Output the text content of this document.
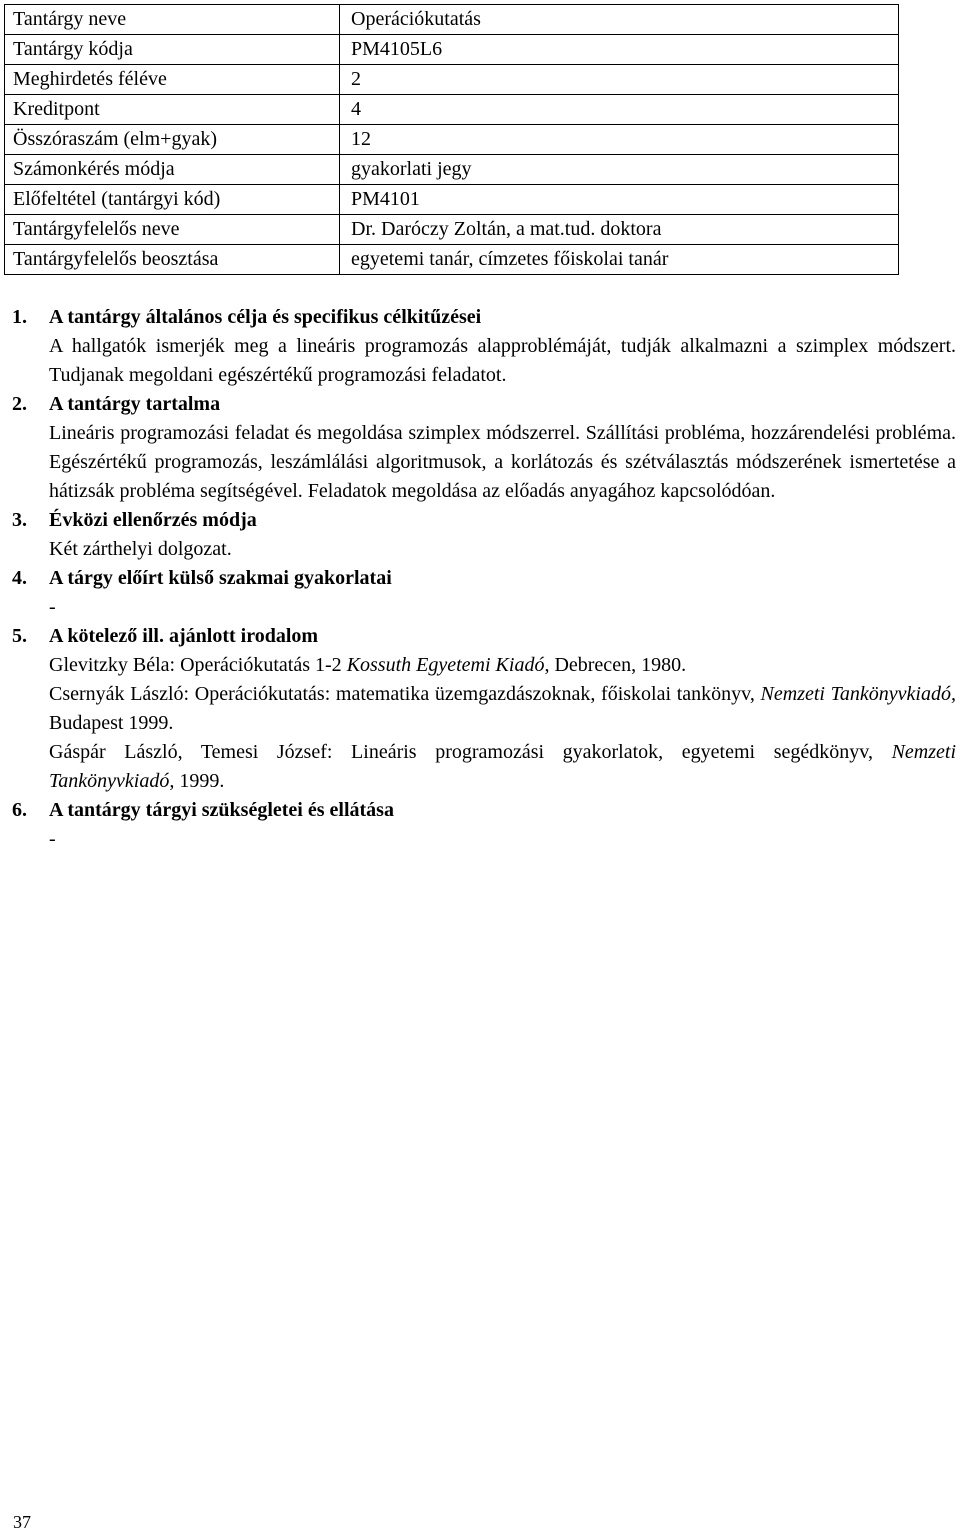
Tantárgy neve	Operációkutatás
Tantárgy kódja	PM4105L6
Meghirdetés féléve	2
Kreditpont	4
Összóraszám (elm+gyak)	12
Számonkérés módja	gyakorlati jegy
Előfeltétel (tantárgyi kód)	PM4101
Tantárgyfelelős neve	Dr. Daróczy Zoltán, a mat.tud. doktora
Tantárgyfelelős beosztása	egyetemi tanár, címzetes főiskolai tanár
1. A tantárgy általános célja és specifikus célkitűzései

A hallgatók ismerjék meg a lineáris programozás alapproblémáját, tudják alkalmazni a szimplex módszert. Tudjanak megoldani egészértékű programozási feladatot.

2. A tantárgy tartalma

Lineáris programozási feladat és megoldása szimplex módszerrel. Szállítási probléma, hozzárendelési probléma. Egészértékű programozás, leszámlálási algoritmusok, a korlátozás és szétválasztás módszerének ismertetése a hátizsák probléma segítségével. Feladatok megoldása az előadás anyagához kapcsolódóan.

3. Évközi ellenőrzés módja

Két zárthelyi dolgozat.

4. A tárgy előírt külső szakmai gyakorlatai

-

5. A kötelező ill. ajánlott irodalom

Glevitzky Béla: Operációkutatás 1-2 Kossuth Egyetemi Kiadó, Debrecen, 1980.

Csernyák László: Operációkutatás: matematika üzemgazdászoknak, főiskolai tankönyv, Nemzeti Tankönyvkiadó, Budapest 1999.

Gáspár László, Temesi József: Lineáris programozási gyakorlatok, egyetemi segédkönyv, Nemzeti Tankönyvkiadó, 1999.

6. A tantárgy tárgyi szükségletei és ellátása

-

37
